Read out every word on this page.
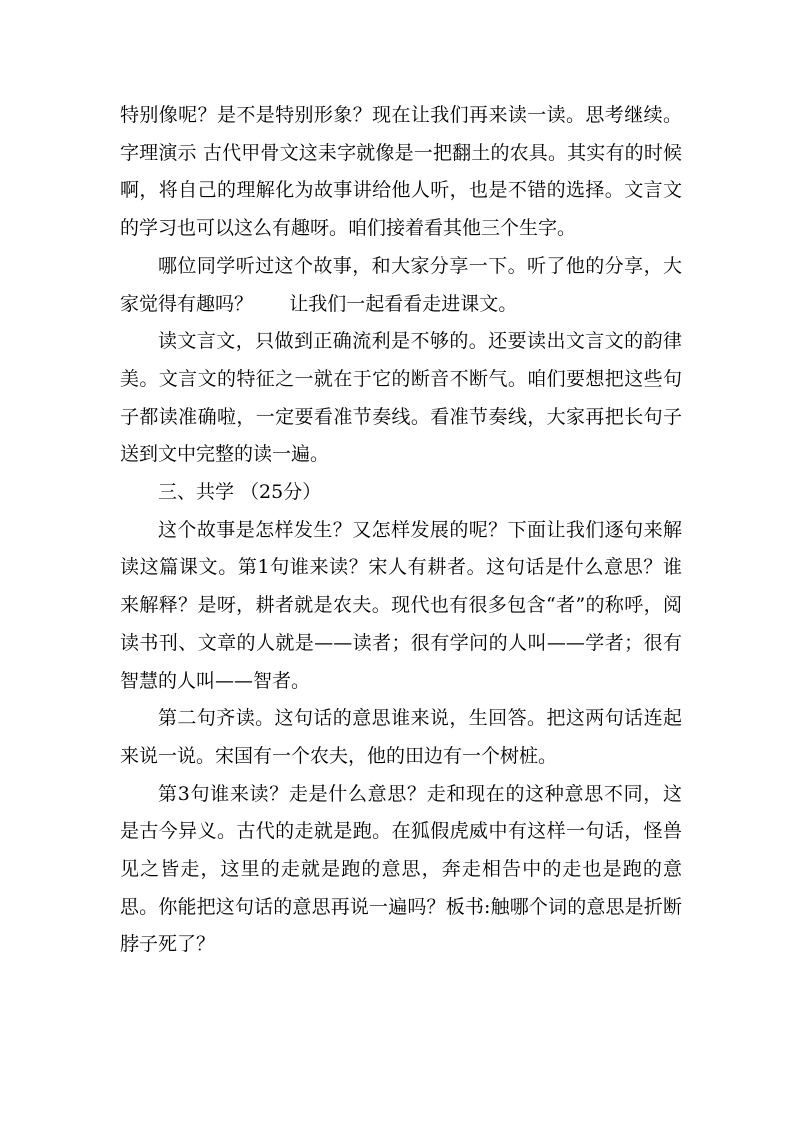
特别像呢？是不是特别形象？现在让我们再来读一读。思考继续。字理演示 古代甲骨文这耒字就像是一把翻土的农具。其实有的时候啊，将自己的理解化为故事讲给他人听，也是不错的选择。文言文的学习也可以这么有趣呀。咱们接着看其他三个生字。

哪位同学听过这个故事，和大家分享一下。听了他的分享，大家觉得有趣吗？      让我们一起看看走进课文。

读文言文，只做到正确流利是不够的。还要读出文言文的韵律美。文言文的特征之一就在于它的断音不断气。咱们要想把这些句子都读准确啦，一定要看准节奏线。看准节奏线，大家再把长句子送到文中完整的读一遍。

三、共学 （25分）

这个故事是怎样发生？又怎样发展的呢？下面让我们逐句来解读这篇课文。第1句谁来读？宋人有耕者。这句话是什么意思？谁来解释？是呀，耕者就是农夫。现代也有很多包含“者”的称呼，阅读书刊、文章的人就是——读者；很有学问的人叫——学者；很有智慧的人叫——智者。

第二句齐读。这句话的意思谁来说，生回答。把这两句话连起来说一说。宋国有一个农夫，他的田边有一个树桩。

第3句谁来读？走是什么意思？走和现在的这种意思不同，这是古今异义。古代的走就是跑。在狐假虎威中有这样一句话，怪兽见之皆走，这里的走就是跑的意思，奔走相告中的走也是跑的意思。你能把这句话的意思再说一遍吗？板书:触哪个词的意思是折断脖子死了？
